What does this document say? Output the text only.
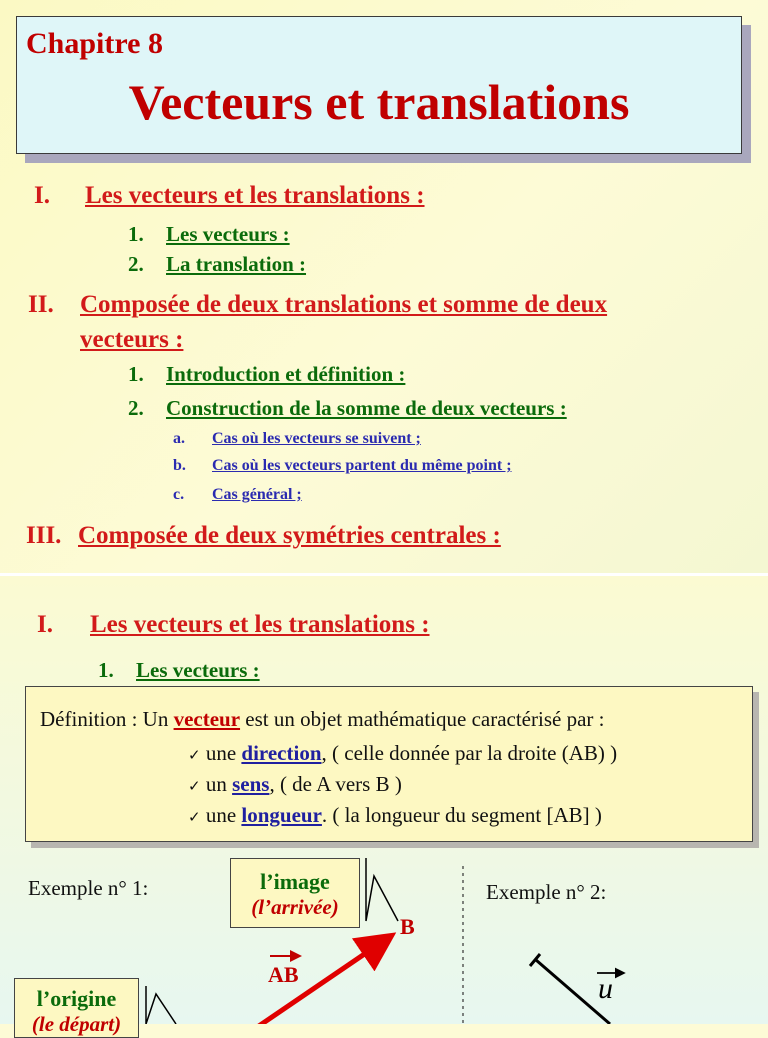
Chapitre 8
Vecteurs et translations
I. Les vecteurs et les translations :
1. Les vecteurs :
2. La translation :
II. Composée de deux translations et somme de deux
vecteurs :
1. Introduction et définition :
2. Construction de la somme de deux vecteurs :
a. Cas où les vecteurs se suivent ;
b. Cas où les vecteurs partent du même point ;
c. Cas général ;
III. Composée de deux symétries centrales :
I. Les vecteurs et les translations :
1. Les vecteurs :
Définition : Un vecteur est un objet mathématique caractérisé par :
✓ une direction, ( celle donnée par la droite (AB) )
✓ un sens, ( de A vers B )
✓ une longueur. ( la longueur du segment [AB] )
Exemple n° 1:	Exemple n° 2:
l’image
(l’arrivée)
l’origine
(le départ)
B
AB	u
